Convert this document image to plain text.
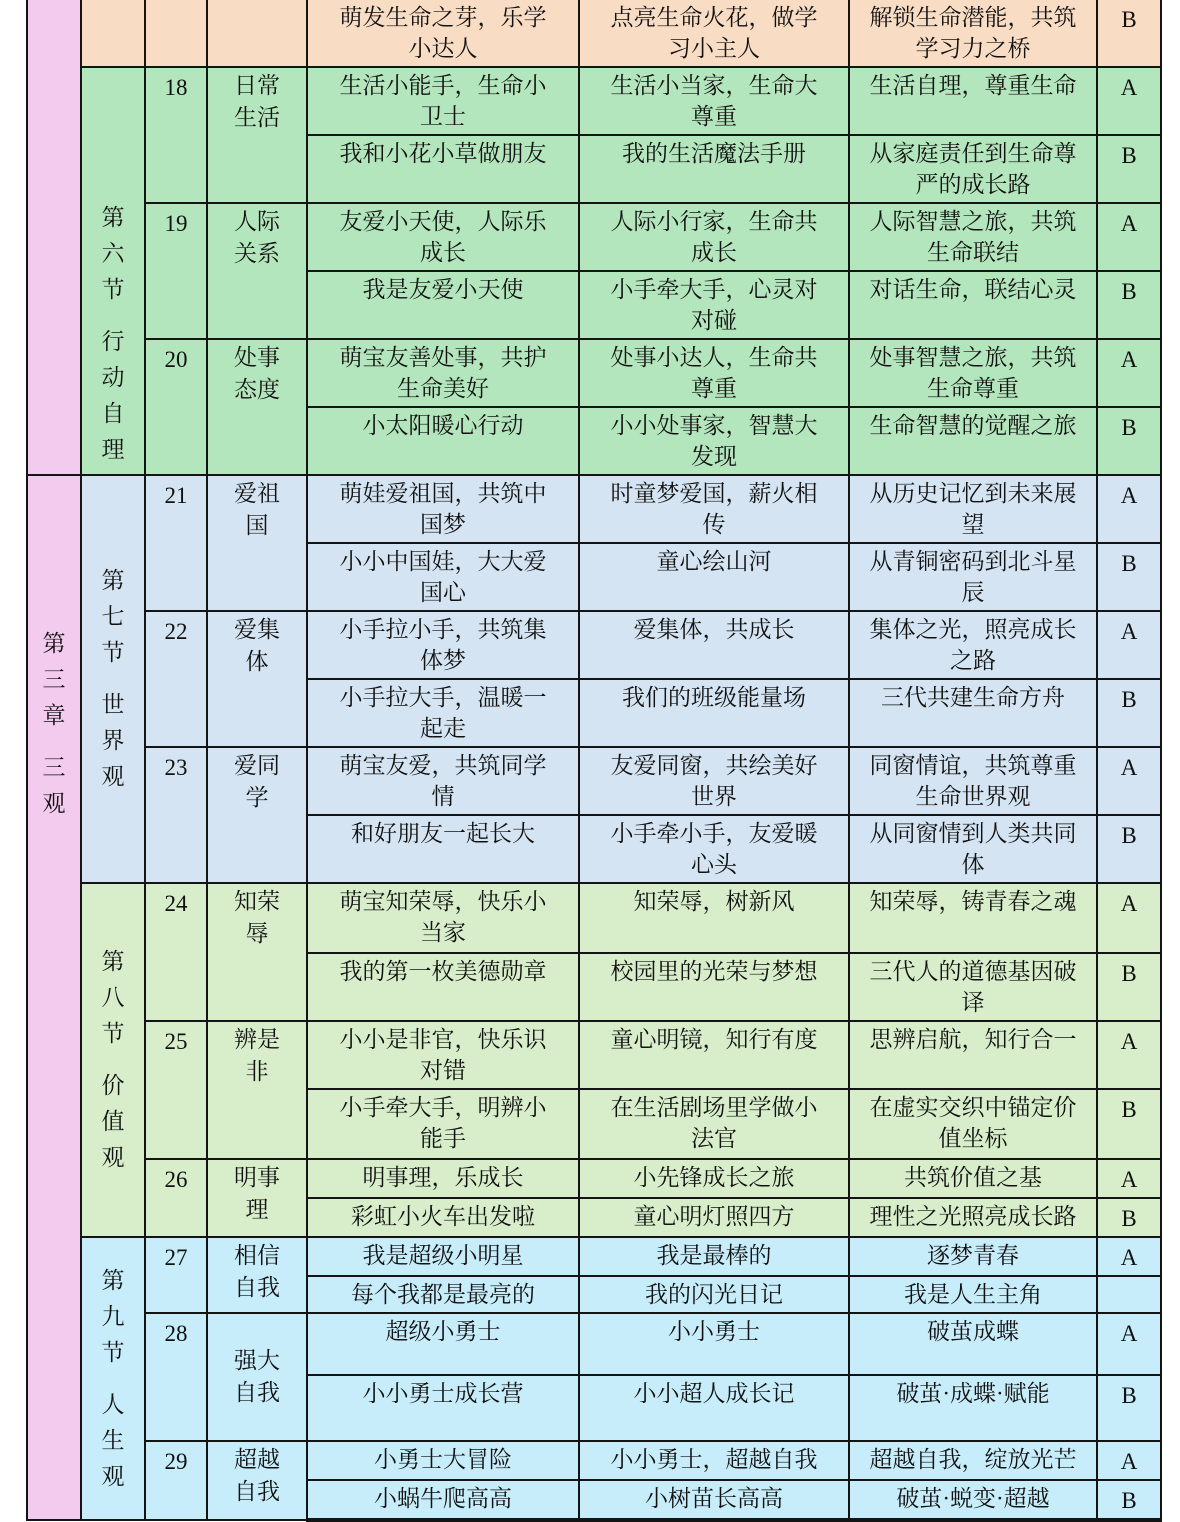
				萌发生命之芽，乐学小达人	点亮生命火花，做学习小主人	解锁生命潜能，共筑学习力之桥	B

第
六
节
行
动
自
理
	18	日常生活	生活小能手，生命小卫士	生活小当家，生命大尊重	生活自理，尊重生命	A
				我和小花小草做朋友	我的生活魔法手册	从家庭责任到生命尊严的成长路	B
		19	人际关系	友爱小天使，人际乐成长	人际小行家，生命共成长	人际智慧之旅，共筑生命联结	A
				我是友爱小天使	小手牵大手，心灵对对碰	对话生命，联结心灵	B
		20	处事态度	萌宝友善处事，共护生命美好	处事小达人，生命共尊重	处事智慧之旅，共筑生命尊重	A
				小太阳暖心行动	小小处事家，智慧大发现	生命智慧的觉醒之旅	B

第
三
章
三
观

第
七
节
世
界
观
	21	爱祖国	萌娃爱祖国，共筑中国梦	时童梦爱国，薪火相传	从历史记忆到未来展望	A
				小小中国娃，大大爱国心	童心绘山河	从青铜密码到北斗星辰	B
		22	爱集体	小手拉小手，共筑集体梦	爱集体，共成长	集体之光，照亮成长之路	A
				小手拉大手，温暖一起走	我们的班级能量场	三代共建生命方舟	B
		23	爱同学	萌宝友爱，共筑同学情	友爱同窗，共绘美好世界	同窗情谊，共筑尊重生命世界观	A
				和好朋友一起长大	小手牵小手，友爱暖心头	从同窗情到人类共同体	B

第
八
节
价
值
观
	24	知荣辱	萌宝知荣辱，快乐小当家	知荣辱，树新风	知荣辱，铸青春之魂	A
				我的第一枚美德勋章	校园里的光荣与梦想	三代人的道德基因破译	B
		25	辨是非	小小是非官，快乐识对错	童心明镜，知行有度	思辨启航，知行合一	A
				小手牵大手，明辨小能手	在生活剧场里学做小法官	在虚实交织中锚定价值坐标	B
		26	明事理	明事理，乐成长	小先锋成长之旅	共筑价值之基	A
				彩虹小火车出发啦	童心明灯照四方	理性之光照亮成长路	B

第
九
节
人
生
观
	27	相信自我	我是超级小明星	我是最棒的	逐梦青春	A
				每个我都是最亮的	我的闪光日记	我是人生主角	
		28	强大自我	超级小勇士	小小勇士	破茧成蝶	A
				小小勇士成长营	小小超人成长记	破茧·成蝶·赋能	B
		29	超越自我	小勇士大冒险	小小勇士，超越自我	超越自我，绽放光芒	A
				小蜗牛爬高高	小树苗长高高	破茧·蜕变·超越	B
